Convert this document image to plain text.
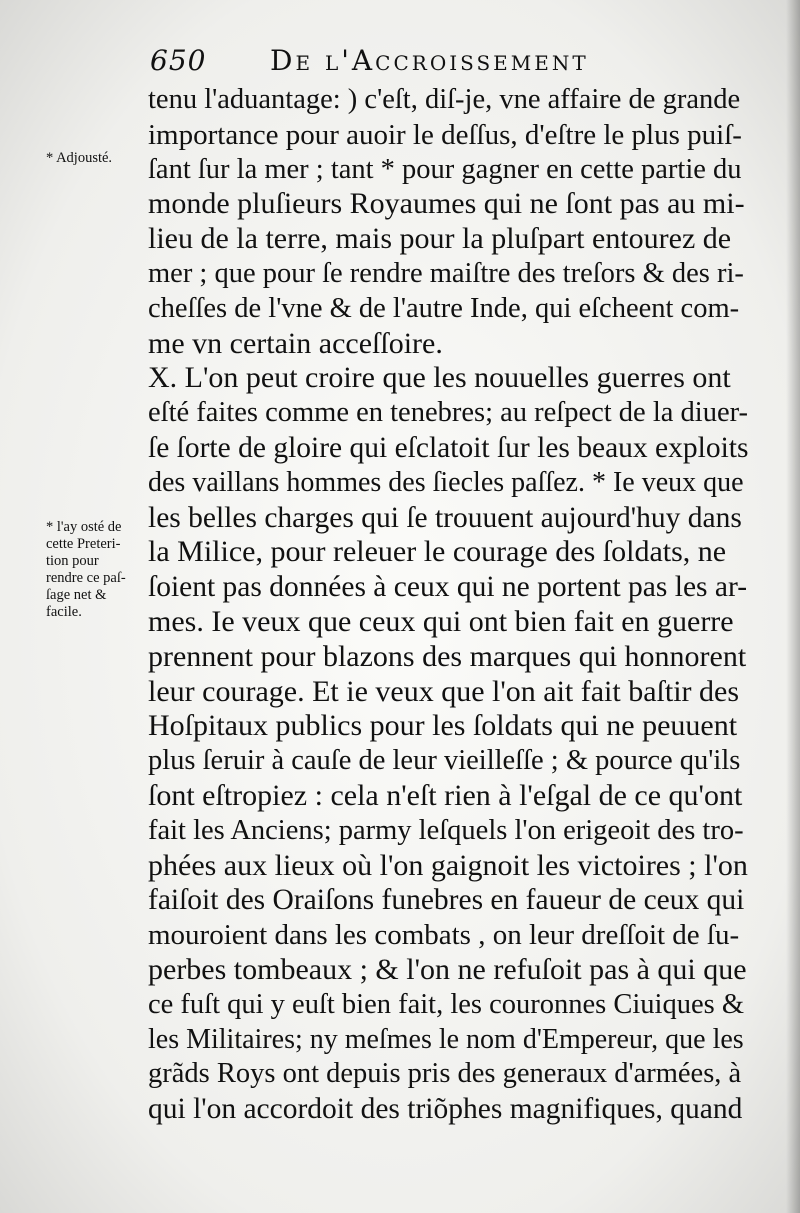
650 De l'Accroissement
* Adjousté.
* l'ay osté de
cette Preteri-
tion pour
rendre ce paſ-
ſage net &
facile.
tenu l'aduantage: ) c'eſt, diſ-je, vne affaire de grande
importance pour auoir le deſſus, d'eſtre le plus puiſ-
ſant ſur la mer ; tant * pour gagner en cette partie du
monde pluſieurs Royaumes qui ne ſont pas au mi-
lieu de la terre, mais pour la pluſpart entourez de
mer ; que pour ſe rendre maiſtre des treſors & des ri-
cheſſes de l'vne & de l'autre Inde, qui eſcheent com-
me vn certain acceſſoire.
X. L'on peut croire que les nouuelles guerres ont
eſté faites comme en tenebres; au reſpect de la diuer-
ſe ſorte de gloire qui eſclatoit ſur les beaux exploits
des vaillans hommes des ſiecles paſſez. * Ie veux que
les belles charges qui ſe trouuent aujourd'huy dans
la Milice, pour releuer le courage des ſoldats, ne
ſoient pas données à ceux qui ne portent pas les ar-
mes. Ie veux que ceux qui ont bien fait en guerre
prennent pour blazons des marques qui honnorent
leur courage. Et ie veux que l'on ait fait baſtir des
Hoſpitaux publics pour les ſoldats qui ne peuuent
plus ſeruir à cauſe de leur vieilleſſe ; & pource qu'ils
ſont eſtropiez : cela n'eſt rien à l'eſgal de ce qu'ont
fait les Anciens; parmy leſquels l'on erigeoit des tro-
phées aux lieux où l'on gaignoit les victoires ; l'on
faiſoit des Oraiſons funebres en faueur de ceux qui
mouroient dans les combats , on leur dreſſoit de ſu-
perbes tombeaux ; & l'on ne refuſoit pas à qui que
ce fuſt qui y euſt bien fait, les couronnes Ciuiques &
les Militaires; ny meſmes le nom d'Empereur, que les
grãds Roys ont depuis pris des generaux d'armées, à
qui l'on accordoit des triõphes magnifiques, quand
